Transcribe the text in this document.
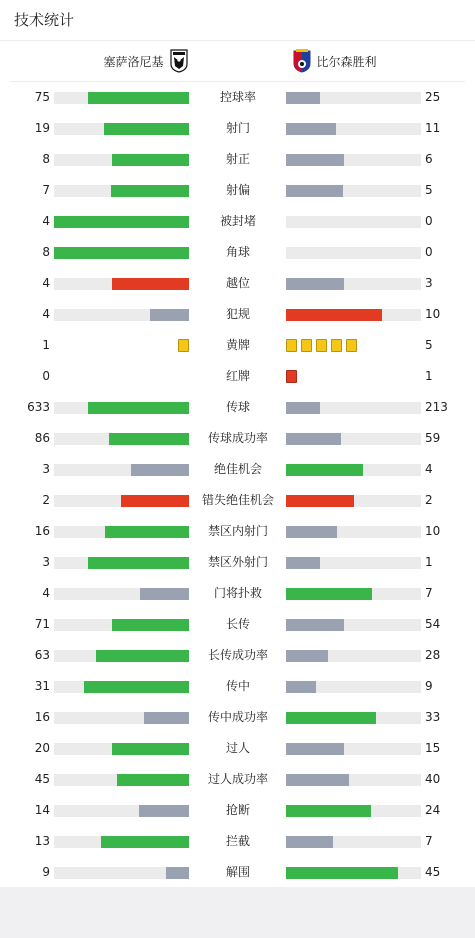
技术统计
塞萨洛尼基	比尔森胜利
75	控球率	25
19	射门	11
8	射正	6
7	射偏	5
4	被封堵	0
8	角球	0
4	越位	3
4	犯规	10
1	黄牌	5
0	红牌	1
633	传球	213
86	传球成功率	59
3	绝佳机会	4
2	错失绝佳机会	2
16	禁区内射门	10
3	禁区外射门	1
4	门将扑救	7
71	长传	54
63	长传成功率	28
31	传中	9
16	传中成功率	33
20	过人	15
45	过人成功率	40
14	抢断	24
13	拦截	7
9	解围	45
